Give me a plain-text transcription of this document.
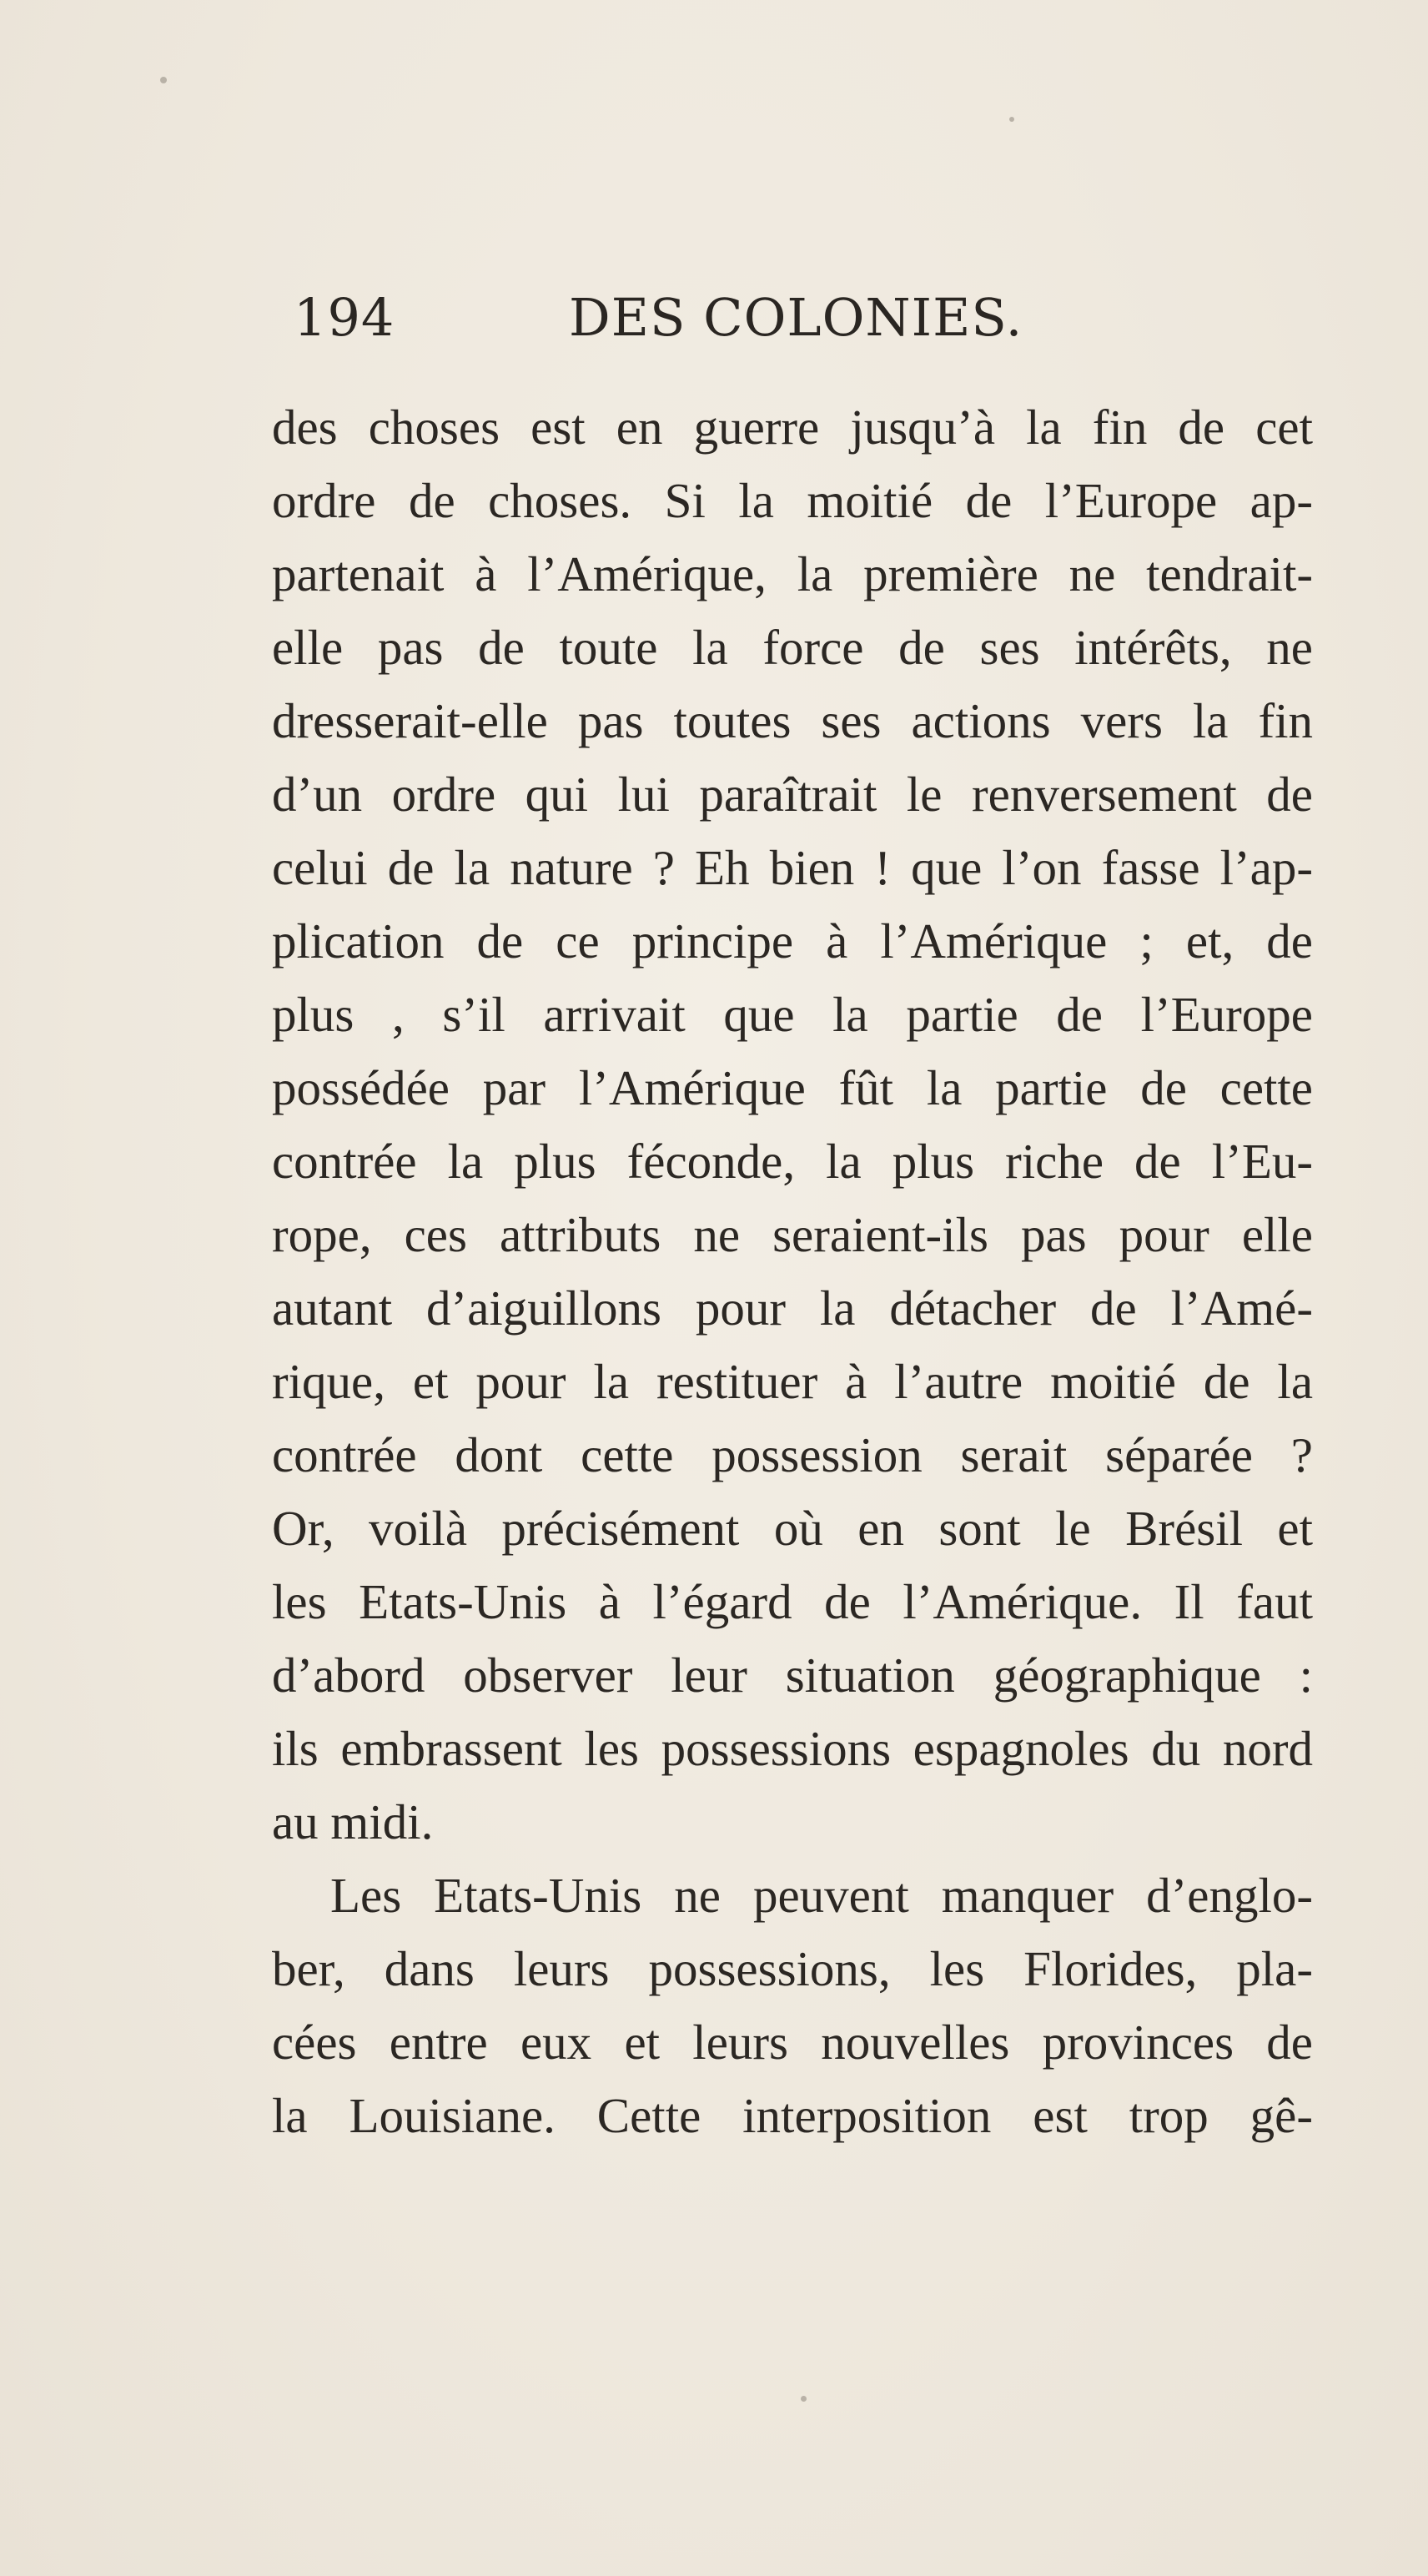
194	DES COLONIES.
des choses est en guerre jusqu’à la fin de cet
ordre de choses. Si la moitié de l’Europe ap-
partenait à l’Amérique, la première ne tendrait-
elle pas de toute la force de ses intérêts, ne
dresserait-elle pas toutes ses actions vers la fin
d’un ordre qui lui paraîtrait le renversement de
celui de la nature ? Eh bien ! que l’on fasse l’ap-
plication de ce principe à l’Amérique ; et, de
plus , s’il arrivait que la partie de l’Europe
possédée par l’Amérique fût la partie de cette
contrée la plus féconde, la plus riche de l’Eu-
rope, ces attributs ne seraient-ils pas pour elle
autant d’aiguillons pour la détacher de l’Amé-
rique, et pour la restituer à l’autre moitié de la
contrée dont cette possession serait séparée ?
Or, voilà précisément où en sont le Brésil et
les Etats-Unis à l’égard de l’Amérique. Il faut
d’abord observer leur situation géographique :
ils embrassent les possessions espagnoles du nord
au midi.
Les Etats-Unis ne peuvent manquer d’englo-
ber, dans leurs possessions, les Florides, pla-
cées entre eux et leurs nouvelles provinces de
la Louisiane. Cette interposition est trop gê-
